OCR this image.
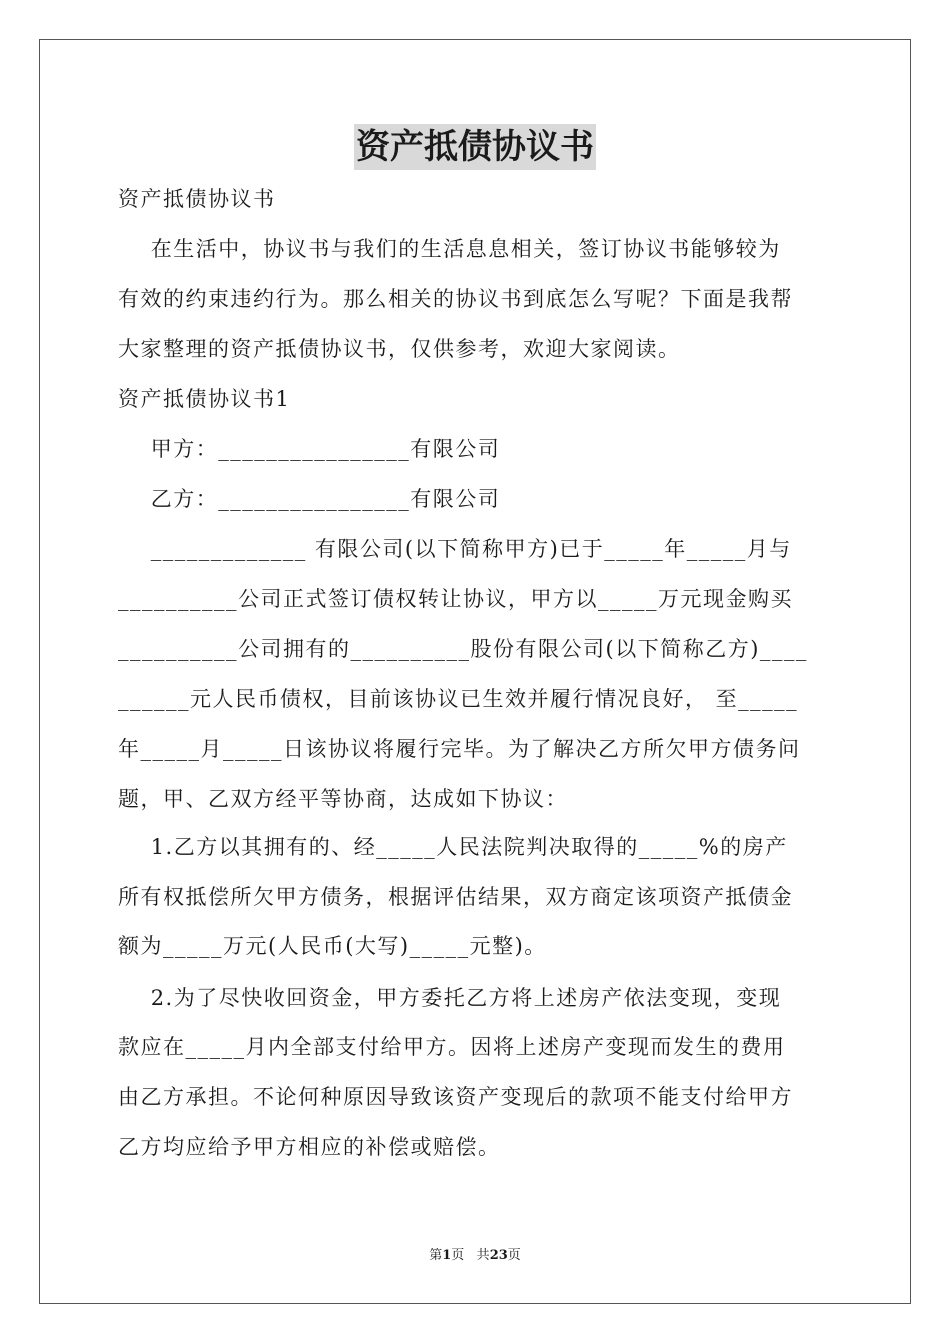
资产抵债协议书
资产抵债协议书
在生活中，协议书与我们的生活息息相关，签订协议书能够较为
有效的约束违约行为。那么相关的协议书到底怎么写呢？下面是我帮
大家整理的资产抵债协议书，仅供参考，欢迎大家阅读。
资产抵债协议书1
甲方：________________有限公司
乙方：________________有限公司
_____________ 有限公司(以下简称甲方)已于_____年_____月与
__________公司正式签订债权转让协议，甲方以_____万元现金购买
__________公司拥有的__________股份有限公司(以下简称乙方)____
______元人民币债权，目前该协议已生效并履行情况良好， 至_____
年_____月_____日该协议将履行完毕。为了解决乙方所欠甲方债务问
题，甲、乙双方经平等协商，达成如下协议：
1.乙方以其拥有的、经_____人民法院判决取得的_____%的房产
所有权抵偿所欠甲方债务，根据评估结果，双方商定该项资产抵债金
额为_____万元(人民币(大写)_____元整)。
2.为了尽快收回资金，甲方委托乙方将上述房产依法变现，变现
款应在_____月内全部支付给甲方。因将上述房产变现而发生的费用
由乙方承担。不论何种原因导致该资产变现后的款项不能支付给甲方
乙方均应给予甲方相应的补偿或赔偿。
第1页 共23页
